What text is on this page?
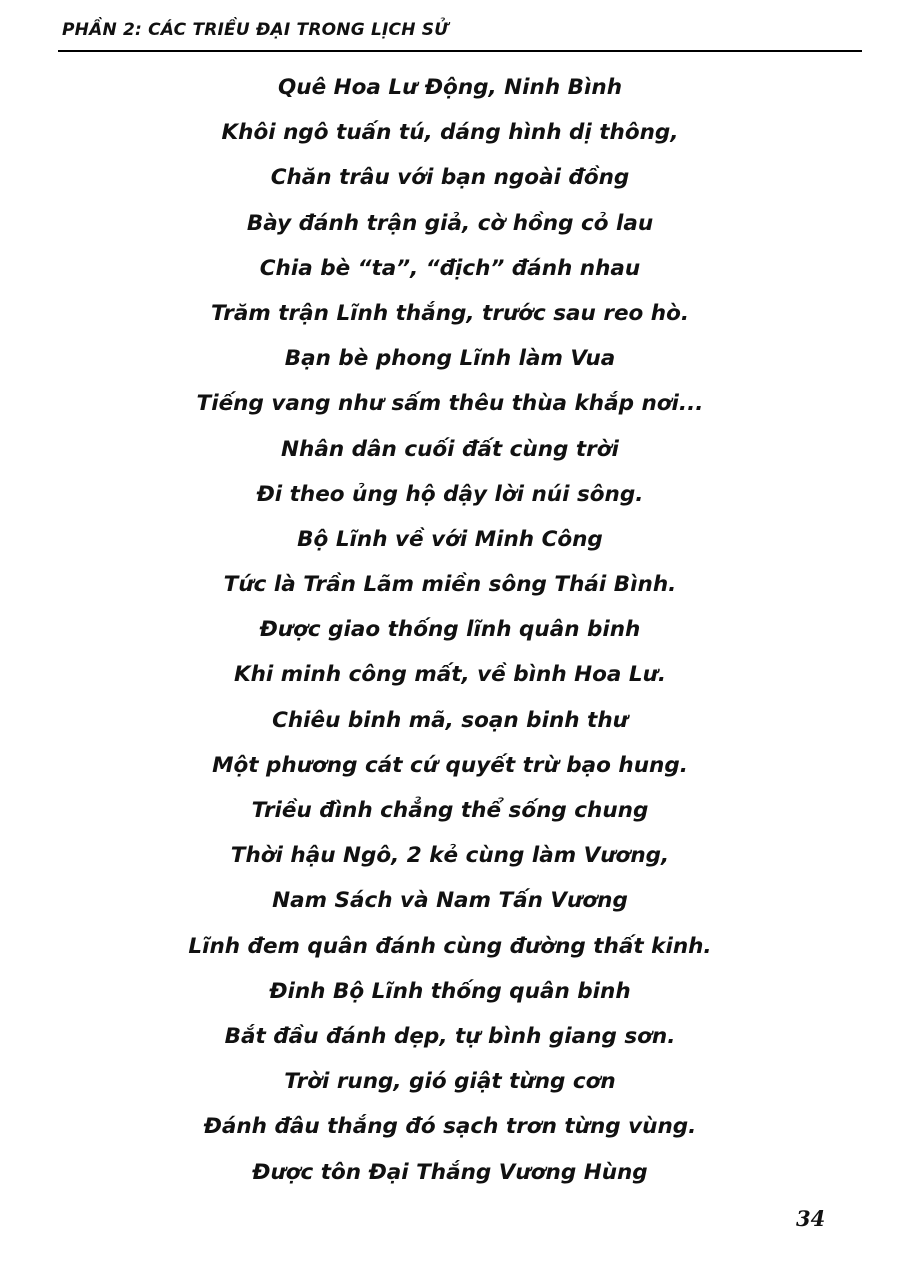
PHẦN 2: CÁC TRIỀU ĐẠI TRONG LỊCH SỬ
Quê Hoa Lư Động, Ninh Bình
Khôi ngô tuấn tú, dáng hình dị thông,
Chăn trâu với bạn ngoài đồng
Bày đánh trận giả, cờ hồng cỏ lau
Chia bè “ta”, “địch” đánh nhau
Trăm trận Lĩnh thắng, trước sau reo hò.
Bạn bè phong Lĩnh làm Vua
Tiếng vang như sấm thêu thùa khắp nơi...
Nhân dân cuối đất cùng trời
Đi theo ủng hộ dậy lời núi sông.
Bộ Lĩnh về với Minh Công
Tức là Trần Lãm miền sông Thái Bình.
Được giao thống lĩnh quân binh
Khi minh công mất, về bình Hoa Lư.
Chiêu binh mã, soạn binh thư
Một phương cát cứ quyết trừ bạo hung.
Triều đình chẳng thể sống chung
Thời hậu Ngô, 2 kẻ cùng làm Vương,
Nam Sách và Nam Tấn Vương
Lĩnh đem quân đánh cùng đường thất kinh.
Đinh Bộ Lĩnh thống quân binh
Bắt đầu đánh dẹp, tự bình giang sơn.
Trời rung, gió giật từng cơn
Đánh đâu thắng đó sạch trơn từng vùng.
Được tôn Đại Thắng Vương Hùng
34
